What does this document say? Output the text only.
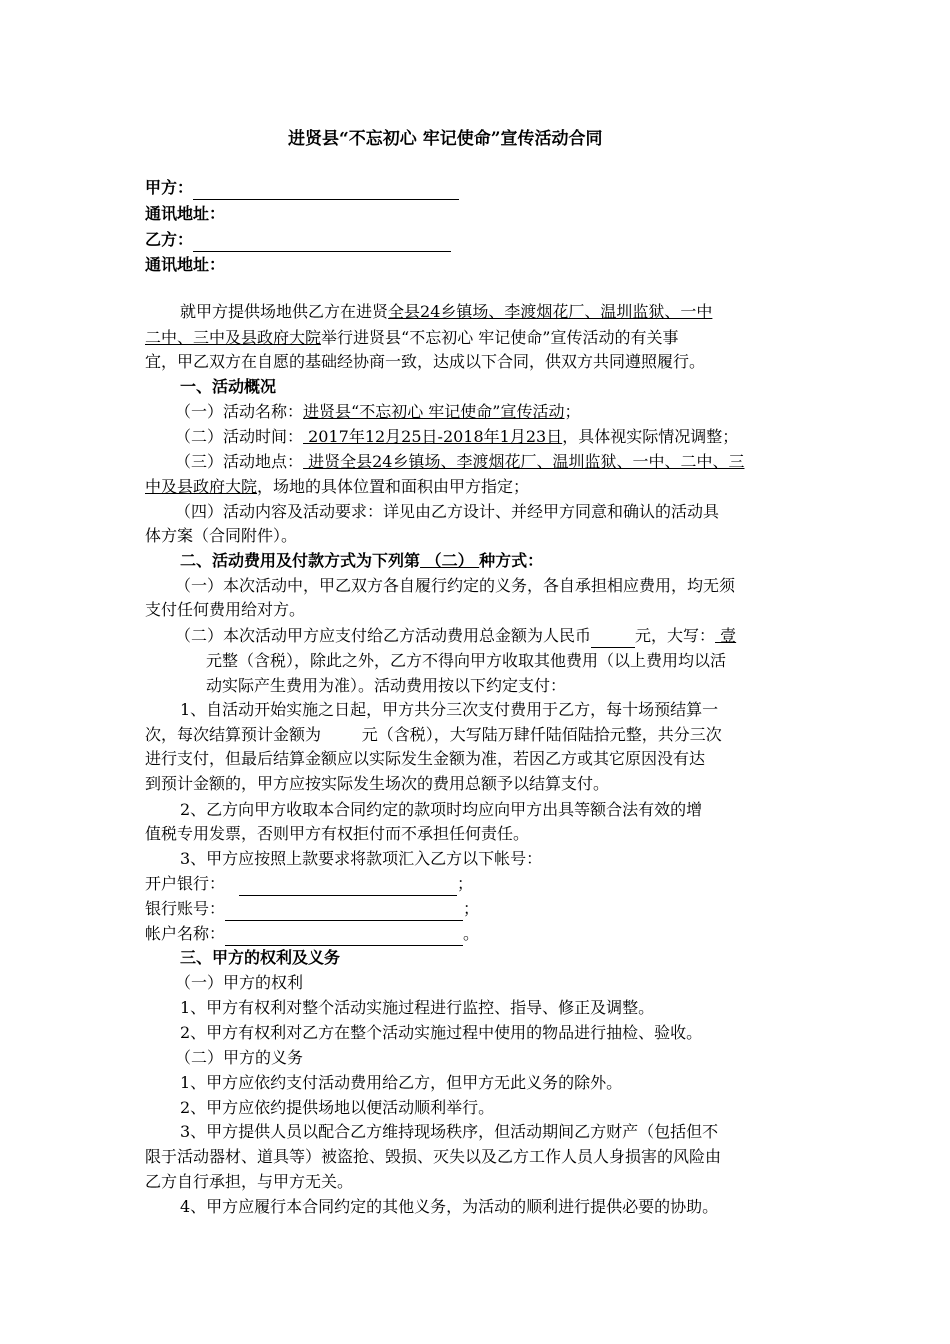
进贤县“不忘初心 牢记使命”宣传活动合同
甲方：
通讯地址：
乙方：
通讯地址：
就甲方提供场地供乙方在进贤全县24乡镇场、李渡烟花厂、温圳监狱、一中
二中、三中及县政府大院举行进贤县“不忘初心 牢记使命”宣传活动的有关事
宜，甲乙双方在自愿的基础经协商一致，达成以下合同，供双方共同遵照履行。
一、活动概况
（一）活动名称：进贤县“不忘初心 牢记使命”宣传活动；
（二）活动时间： 2017年12月25日-2018年1月23日，具体视实际情况调整；
（三）活动地点： 进贤全县24乡镇场、李渡烟花厂、温圳监狱、一中、二中、三
中及县政府大院，场地的具体位置和面积由甲方指定；
（四）活动内容及活动要求：详见由乙方设计、并经甲方同意和确认的活动具
体方案（合同附件）。
二、活动费用及付款方式为下列第 （二） 种方式：
（一）本次活动中，甲乙双方各自履行约定的义务，各自承担相应费用，均无须
支付任何费用给对方。
（二）本次活动甲方应支付给乙方活动费用总金额为人民币	元，大写： 壹
元整（含税），除此之外，乙方不得向甲方收取其他费用（以上费用均以活
动实际产生费用为准）。活动费用按以下约定支付：
1、自活动开始实施之日起，甲方共分三次支付费用于乙方，每十场预结算一
次，每次结算预计金额为        元（含税），大写陆万肆仟陆佰陆拾元整，共分三次
进行支付，但最后结算金额应以实际发生金额为准，若因乙方或其它原因没有达
到预计金额的，甲方应按实际发生场次的费用总额予以结算支付。
2、乙方向甲方收取本合同约定的款项时均应向甲方出具等额合法有效的增
值税专用发票，否则甲方有权拒付而不承担任何责任。
3、甲方应按照上款要求将款项汇入乙方以下帐号：
开户银行：	；
银行账号：	；
帐户名称：	。
三、甲方的权利及义务
（一）甲方的权利
1、甲方有权利对整个活动实施过程进行监控、指导、修正及调整。
2、甲方有权利对乙方在整个活动实施过程中使用的物品进行抽检、验收。
（二）甲方的义务
1、甲方应依约支付活动费用给乙方，但甲方无此义务的除外。
2、甲方应依约提供场地以便活动顺利举行。
3、甲方提供人员以配合乙方维持现场秩序，但活动期间乙方财产（包括但不
限于活动器材、道具等）被盗抢、毁损、灭失以及乙方工作人员人身损害的风险由
乙方自行承担，与甲方无关。
4、甲方应履行本合同约定的其他义务，为活动的顺利进行提供必要的协助。
